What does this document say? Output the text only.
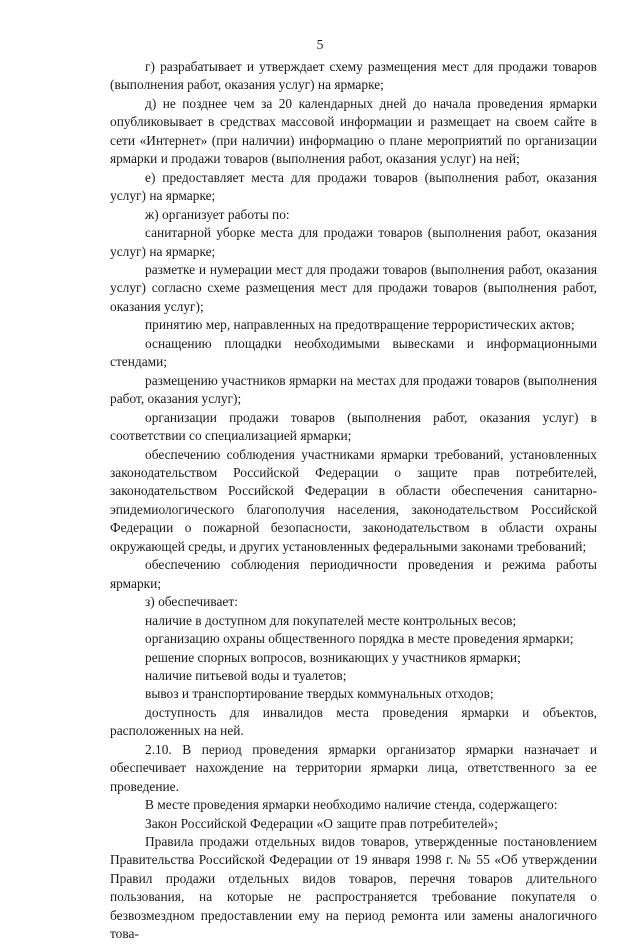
5

г) разрабатывает и утверждает схему размещения мест для продажи товаров (выполнения работ, оказания услуг) на ярмарке;

д) не позднее чем за 20 календарных дней до начала проведения ярмарки опубликовывает в средствах массовой информации и размещает на своем сайте в сети «Интернет» (при наличии) информацию о плане мероприятий по организации ярмарки и продажи товаров (выполнения работ, оказания услуг) на ней;

е) предоставляет места для продажи товаров (выполнения работ, оказания услуг) на ярмарке;

ж) организует работы по:

санитарной уборке места для продажи товаров (выполнения работ, оказания услуг) на ярмарке;

разметке и нумерации мест для продажи товаров (выполнения работ, оказания услуг) согласно схеме размещения мест для продажи товаров (выполнения работ, оказания услуг);

принятию мер, направленных на предотвращение террористических актов;

оснащению площадки необходимыми вывесками и информационными стендами;

размещению участников ярмарки на местах для продажи товаров (выполнения работ, оказания услуг);

организации продажи товаров (выполнения работ, оказания услуг) в соответствии со специализацией ярмарки;

обеспечению соблюдения участниками ярмарки требований, установленных законодательством Российской Федерации о защите прав потребителей, законодательством Российской Федерации в области обеспечения санитарно-эпидемиологического благополучия населения, законодательством Российской Федерации о пожарной безопасности, законодательством в области охраны окружающей среды, и других установленных федеральными законами требований;

обеспечению соблюдения периодичности проведения и режима работы ярмарки;

з) обеспечивает:

наличие в доступном для покупателей месте контрольных весов;

организацию охраны общественного порядка в месте проведения ярмарки;

решение спорных вопросов, возникающих у участников ярмарки;

наличие питьевой воды и туалетов;

вывоз и транспортирование твердых коммунальных отходов;

доступность для инвалидов места проведения ярмарки и объектов, расположенных на ней.

2.10. В период проведения ярмарки организатор ярмарки назначает и обеспечивает нахождение на территории ярмарки лица, ответственного за ее проведение.

В месте проведения ярмарки необходимо наличие стенда, содержащего:

Закон Российской Федерации «О защите прав потребителей»;

Правила продажи отдельных видов товаров, утвержденные постановлением Правительства Российской Федерации от 19 января 1998 г. № 55 «Об утверждении Правил продажи отдельных видов товаров, перечня товаров длительного пользования, на которые не распространяется требование покупателя о безвозмездном предоставлении ему на период ремонта или замены аналогичного това-
